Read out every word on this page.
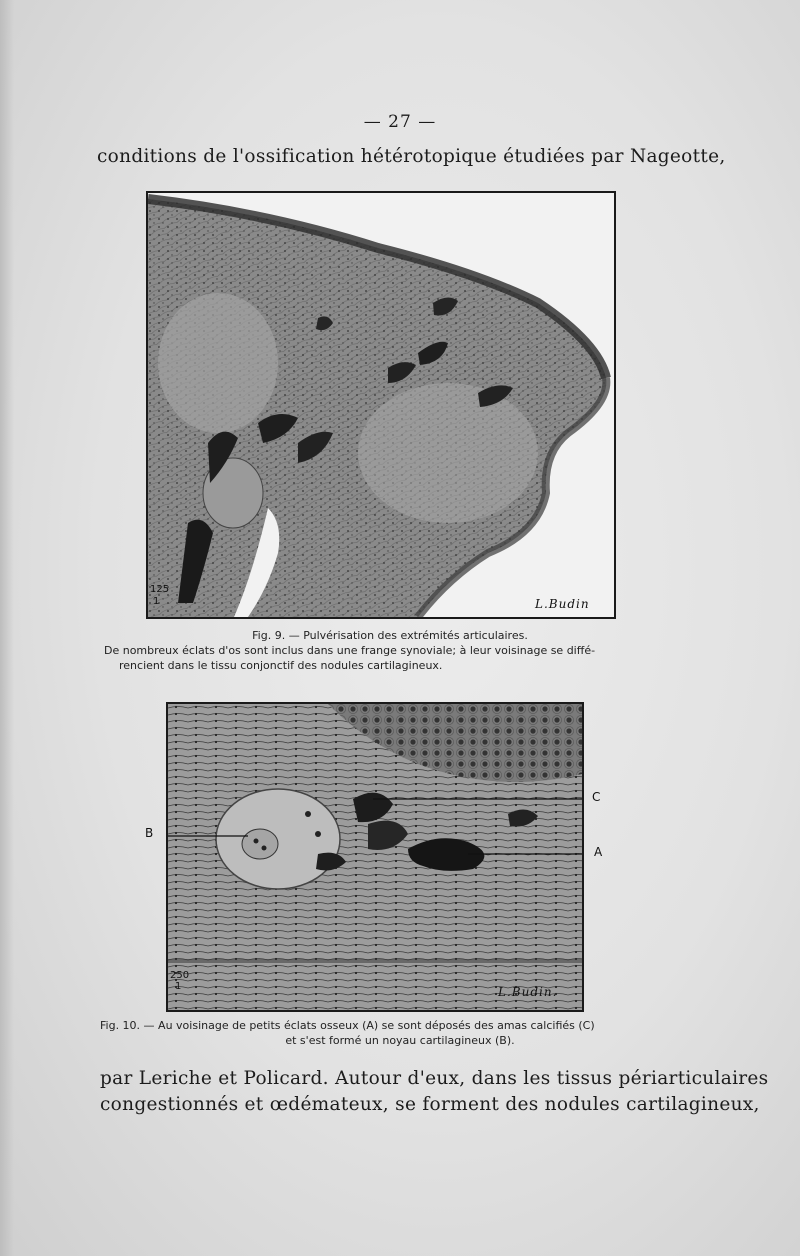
— 27 —
conditions de l'ossification hétérotopique étudiées par Nageotte,
125
1	L.Budin

Fig. 9. — Pulvérisation des extrémités articulaires.

De nombreux éclats d'os sont inclus dans une frange synoviale; à leur voisinage se diffé-

rencient dans le tissu conjonctif des nodules cartilagineux.

B
C
A
250
1	L.Budin.

Fig. 10. — Au voisinage de petits éclats osseux (A) se sont déposés des amas calcifiés (C)

et s'est formé un noyau cartilagineux (B).

par Leriche et Policard. Autour d'eux, dans les tissus périarticulaires
congestionnés et œdémateux, se forment des nodules cartilagineux,
